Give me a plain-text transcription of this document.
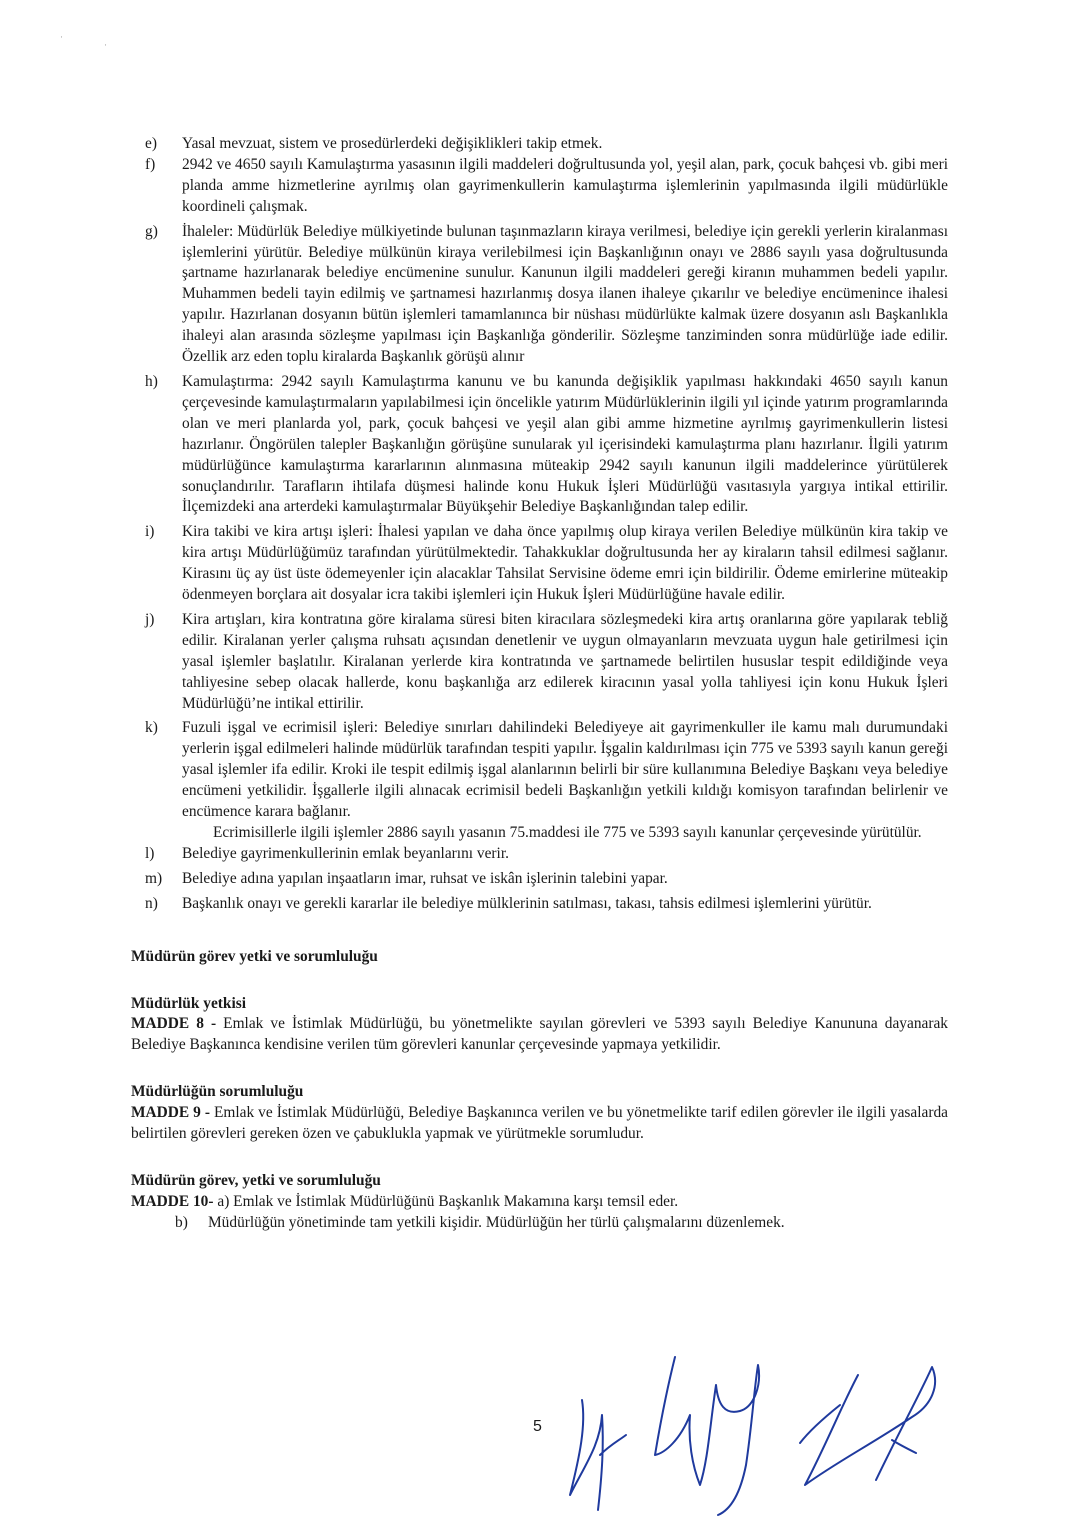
·
·
e)	Yasal mevzuat, sistem ve prosedürlerdeki değişiklikleri takip etmek.
f)	2942 ve 4650 sayılı Kamulaştırma yasasının ilgili maddeleri doğrultusunda yol, yeşil alan, park, çocuk bahçesi vb. gibi meri planda amme hizmetlerine ayrılmış olan gayrimenkullerin kamulaştırma işlemlerinin yapılmasında ilgili müdürlükle koordineli çalışmak.
g)	İhaleler: Müdürlük Belediye mülkiyetinde bulunan taşınmazların kiraya verilmesi, belediye için gerekli yerlerin kiralanması işlemlerini yürütür. Belediye mülkünün kiraya verilebilmesi için Başkanlığının onayı ve 2886 sayılı yasa doğrultusunda şartname hazırlanarak belediye encümenine sunulur. Kanunun ilgili maddeleri gereği kiranın muhammen bedeli yapılır. Muhammen bedeli tayin edilmiş ve şartnamesi hazırlanmış dosya ilanen ihaleye çıkarılır ve belediye encümenince ihalesi yapılır. Hazırlanan dosyanın bütün işlemleri tamamlanınca bir nüshası müdürlükte kalmak üzere dosyanın aslı Başkanlıkla ihaleyi alan arasında sözleşme yapılması için Başkanlığa gönderilir. Sözleşme tanziminden sonra müdürlüğe iade edilir. Özellik arz eden toplu kiralarda Başkanlık görüşü alınır
h)	Kamulaştırma: 2942 sayılı Kamulaştırma kanunu ve bu kanunda değişiklik yapılması hakkındaki 4650 sayılı kanun çerçevesinde kamulaştırmaların yapılabilmesi için öncelikle yatırım Müdürlüklerinin ilgili yıl içinde yatırım programlarında olan ve meri planlarda yol, park, çocuk bahçesi ve yeşil alan gibi amme hizmetine ayrılmış gayrimenkullerin listesi hazırlanır. Öngörülen talepler Başkanlığın görüşüne sunularak yıl içerisindeki kamulaştırma planı hazırlanır. İlgili yatırım müdürlüğünce kamulaştırma kararlarının alınmasına müteakip 2942 sayılı kanunun ilgili maddelerince yürütülerek sonuçlandırılır. Tarafların ihtilafa düşmesi halinde konu Hukuk İşleri Müdürlüğü vasıtasıyla yargıya intikal ettirilir. İlçemizdeki ana arterdeki kamulaştırmalar Büyükşehir Belediye Başkanlığından talep edilir.
i)	Kira takibi ve kira artışı işleri: İhalesi yapılan ve daha önce yapılmış olup kiraya verilen Belediye mülkünün kira takip ve kira artışı Müdürlüğümüz tarafından yürütülmektedir. Tahakkuklar doğrultusunda her ay kiraların tahsil edilmesi sağlanır. Kirasını üç ay üst üste ödemeyenler için alacaklar Tahsilat Servisine ödeme emri için bildirilir. Ödeme emirlerine müteakip ödenmeyen borçlara ait dosyalar icra takibi işlemleri için Hukuk İşleri Müdürlüğüne havale edilir.
j)	Kira artışları, kira kontratına göre kiralama süresi biten kiracılara sözleşmedeki kira artış oranlarına göre yapılarak tebliğ edilir. Kiralanan yerler çalışma ruhsatı açısından denetlenir ve uygun olmayanların mevzuata uygun hale getirilmesi için yasal işlemler başlatılır. Kiralanan yerlerde kira kontratında ve şartnamede belirtilen hususlar tespit edildiğinde veya tahliyesine sebep olacak hallerde, konu başkanlığa arz edilerek kiracının yasal yolla tahliyesi için konu Hukuk İşleri Müdürlüğü’ne intikal ettirilir.
k)	Fuzuli işgal ve ecrimisil işleri: Belediye sınırları dahilindeki Belediyeye ait gayrimenkuller ile kamu malı durumundaki yerlerin işgal edilmeleri halinde müdürlük tarafından tespiti yapılır. İşgalin kaldırılması için 775 ve 5393 sayılı kanun gereği yasal işlemler ifa edilir. Kroki ile tespit edilmiş işgal alanlarının belirli bir süre kullanımına Belediye Başkanı veya belediye encümeni yetkilidir. İşgallerle ilgili alınacak ecrimisil bedeli Başkanlığın yetkili kıldığı komisyon tarafından belirlenir ve encümence karara bağlanır.
Ecrimisillerle ilgili işlemler 2886 sayılı yasanın 75.maddesi ile 775 ve 5393 sayılı kanunlar çerçevesinde yürütülür.
l)	Belediye gayrimenkullerinin emlak beyanlarını verir.
m)	Belediye adına yapılan inşaatların imar, ruhsat ve iskân işlerinin talebini yapar.
n)	Başkanlık onayı ve gerekli kararlar ile belediye mülklerinin satılması, takası, tahsis edilmesi işlemlerini yürütür.
Müdürün görev yetki ve sorumluluğu
Müdürlük yetkisi
MADDE 8 - Emlak ve İstimlak Müdürlüğü, bu yönetmelikte sayılan görevleri ve 5393 sayılı Belediye Kanununa dayanarak Belediye Başkanınca kendisine verilen tüm görevleri kanunlar çerçevesinde yapmaya yetkilidir.
Müdürlüğün sorumluluğu
MADDE 9 - Emlak ve İstimlak Müdürlüğü, Belediye Başkanınca verilen ve bu yönetmelikte tarif edilen görevler ile ilgili yasalarda belirtilen görevleri gereken özen ve çabuklukla yapmak ve yürütmekle sorumludur.
Müdürün görev, yetki ve sorumluluğu
MADDE 10- a) Emlak ve İstimlak Müdürlüğünü Başkanlık Makamına karşı temsil eder.
b)	Müdürlüğün yönetiminde tam yetkili kişidir. Müdürlüğün her türlü çalışmalarını düzenlemek.
5
